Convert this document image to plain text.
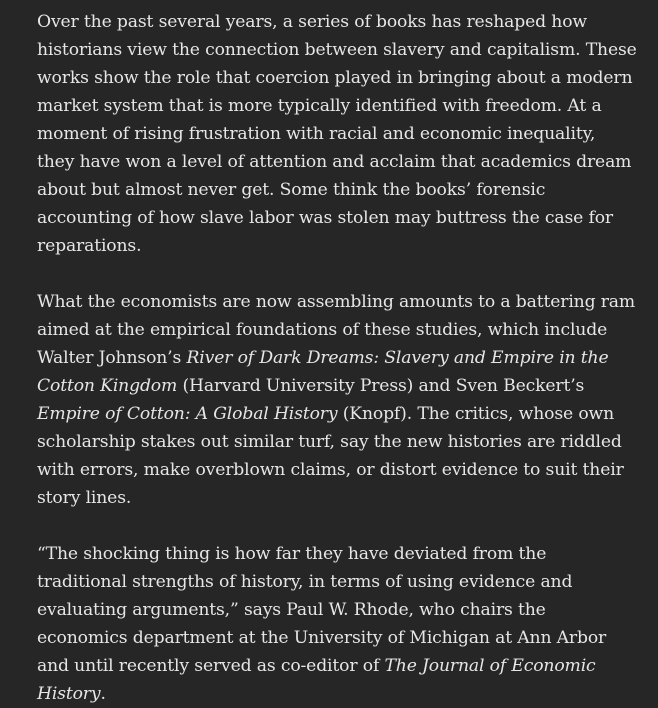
Over the past several years, a series of books has reshaped how historians view the connection between slavery and capitalism. These works show the role that coercion played in bringing about a modern market system that is more typically identified with freedom. At a moment of rising frustration with racial and economic inequality, they have won a level of attention and acclaim that academics dream about but almost never get. Some think the books’ forensic accounting of how slave labor was stolen may buttress the case for reparations.

What the economists are now assembling amounts to a battering ram aimed at the empirical foundations of these studies, which include Walter Johnson’s River of Dark Dreams: Slavery and Empire in the Cotton Kingdom (Harvard University Press) and Sven Beckert’s Empire of Cotton: A Global History (Knopf). The critics, whose own scholarship stakes out similar turf, say the new histories are riddled with errors, make overblown claims, or distort evidence to suit their story lines.

“The shocking thing is how far they have deviated from the traditional strengths of history, in terms of using evidence and evaluating arguments,” says Paul W. Rhode, who chairs the economics department at the University of Michigan at Ann Arbor and until recently served as co-editor of The Journal of Economic History.
